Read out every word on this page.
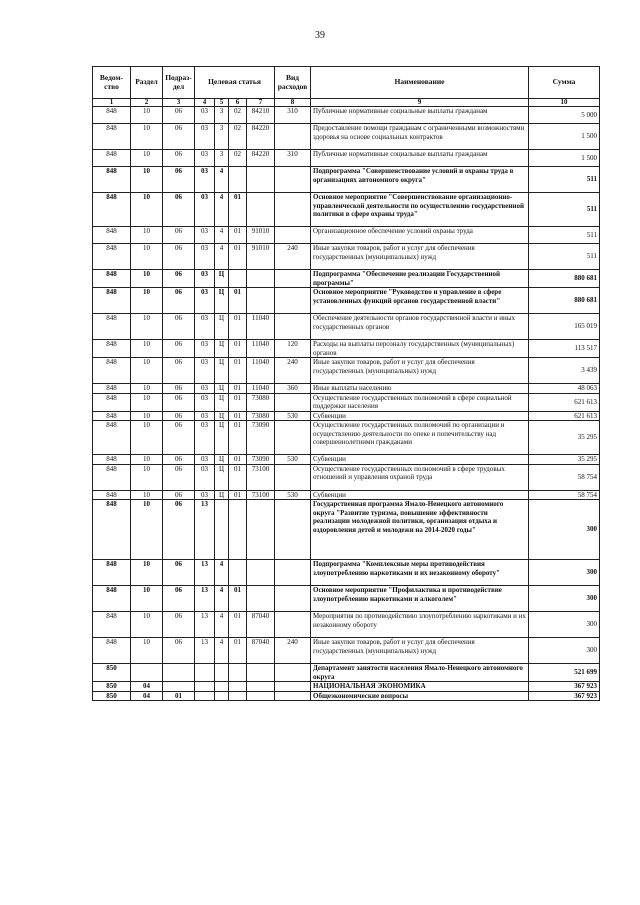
39
Ведом-ство	Раздел	Подраз-дел	Целевая статья				Вид расходов	Наименование	Сумма
1	2	3	4	5	6	7	8	9	10
848	10	06	03	3	02	84210	310	Публичные нормативные социальные выплаты гражданам	5 000
848	10	06	03	3	02	84220		Предоставление помощи гражданам с ограниченными возможностями здоровья на основе социальных контрактов	1 500
848	10	06	03	3	02	84220	310	Публичные нормативные социальные выплаты гражданам	1 500
848	10	06	03	4				Подпрограмма "Совершенствование условий и охраны труда в организациях автономного округа"	511
848	10	06	03	4	01			Основное мероприятие "Совершенствование организационно-управленческой деятельности по осуществлению государственной политики в сфере охраны труда"	511
848	10	06	03	4	01	91010		Организационное обеспечение условий охраны труда	511
848	10	06	03	4	01	91010	240	Иные закупки товаров, работ и услуг для обеспечения государственных (муниципальных) нужд	511
848	10	06	03	Ц				Подпрограмма "Обеспечение реализации Государственной программы"	880 681
848	10	06	03	Ц	01			Основное мероприятие "Руководство и управление в сфере установленных функций органов государственной власти"	880 681
848	10	06	03	Ц	01	11040		Обеспечение деятельности органов государственной власти и иных государственных органов	165 019
848	10	06	03	Ц	01	11040	120	Расходы на выплаты персоналу государственных (муниципальных) органов	113 517
848	10	06	03	Ц	01	11040	240	Иные закупки товаров, работ и услуг для обеспечения государственных (муниципальных) нужд	3 439
848	10	06	03	Ц	01	11040	360	Иные выплаты населению	48 063
848	10	06	03	Ц	01	73080		Осуществление государственных полномочий в сфере социальной поддержки населения	621 613
848	10	06	03	Ц	01	73080	530	Субвенции	621 613
848	10	06	03	Ц	01	73090		Осуществление государственных полномочий по организации и осуществлению деятельности по опеке и попечительству над совершеннолетними гражданами	35 295
848	10	06	03	Ц	01	73090	530	Субвенции	35 295
848	10	06	03	Ц	01	73100		Осуществление государственных полномочий в сфере трудовых отношений и управления охраной труда	58 754
848	10	06	03	Ц	01	73100	530	Субвенции	58 754
848	10	06	13					Государственная программа Ямало-Ненецкого автономного округа "Развитие туризма, повышение эффективности реализации молодежной политики, организация отдыха и оздоровления детей и молодежи на 2014-2020 годы"	300
848	10	06	13	4				Подпрограмма "Комплексные меры противодействия злоупотреблению наркотиками и их незаконному обороту"	300
848	10	06	13	4	01			Основное мероприятие "Профилактика и противодействие злоупотреблению наркотиками и алкоголем"	300
848	10	06	13	4	01	87040		Мероприятия по противодействию злоупотреблению наркотиками и их незаконному обороту	300
848	10	06	13	4	01	87040	240	Иные закупки товаров, работ и услуг для обеспечения государственных (муниципальных) нужд	300
850								Департамент занятости населения Ямало-Ненецкого автономного округа	521 699
850	04							НАЦИОНАЛЬНАЯ ЭКОНОМИКА	367 923
850	04	01						Общеэкономические вопросы	367 923
